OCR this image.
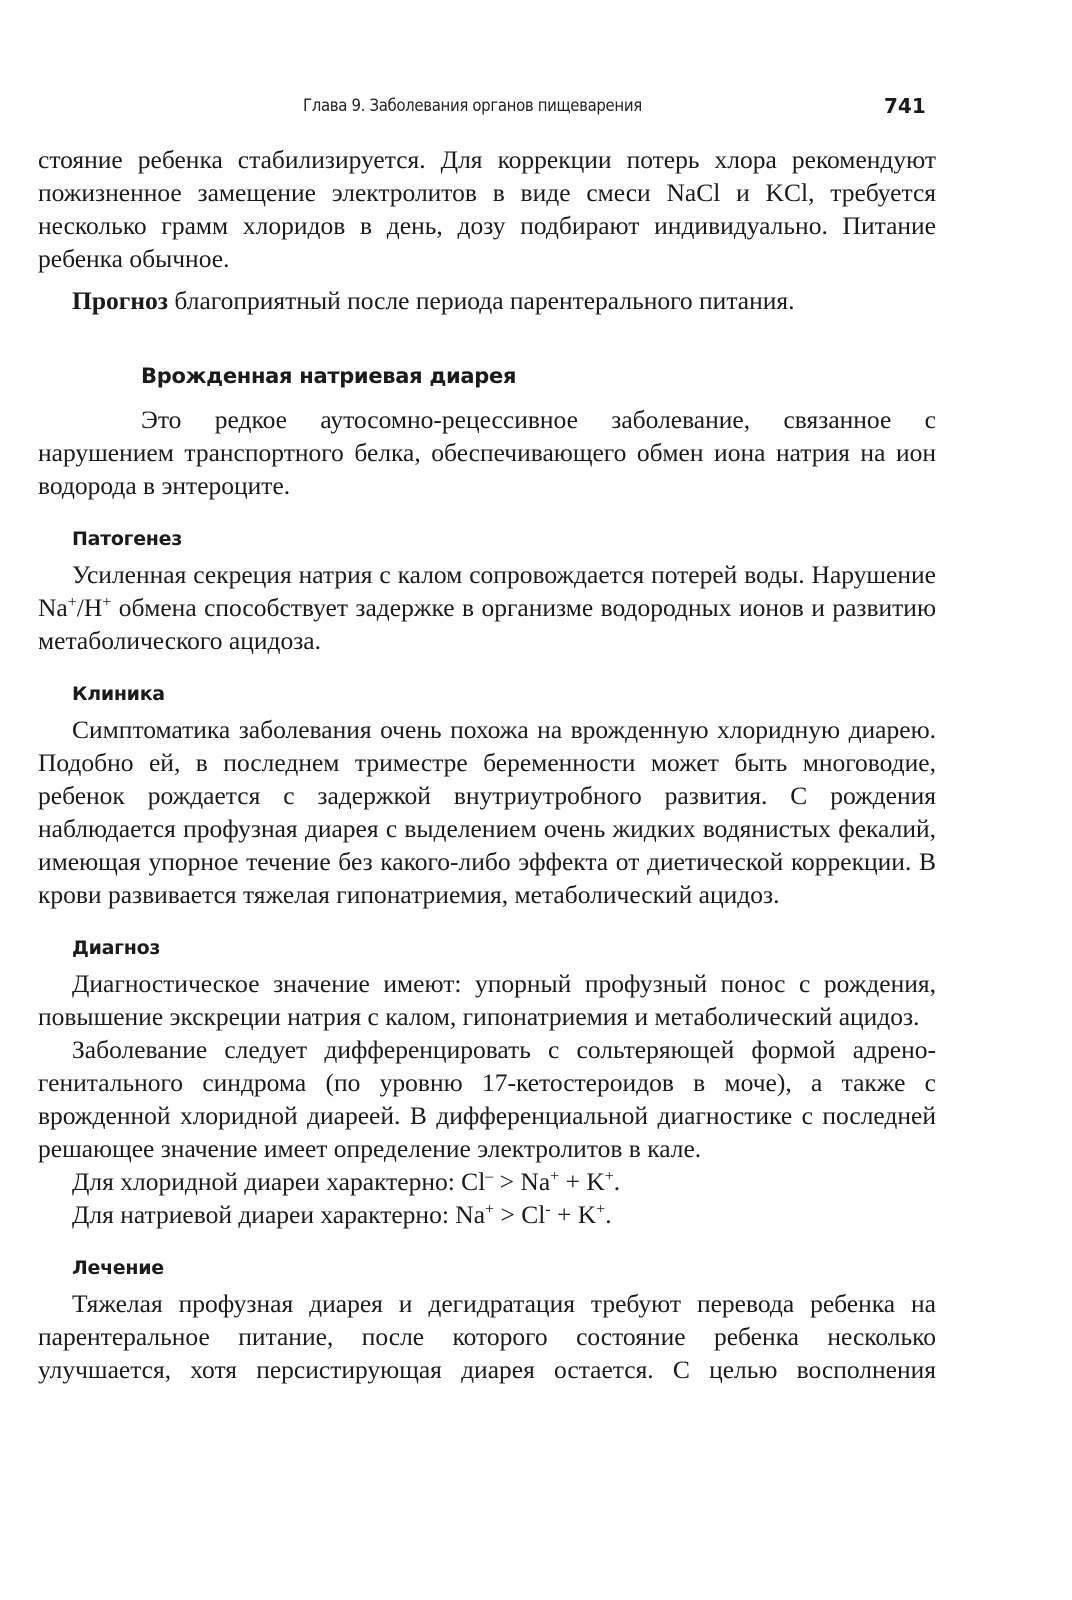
Глава 9. Заболевания органов пищеварения	741

стояние ребенка стабилизируется. Для коррекции потерь хлора рекомендуют пожизненное замещение электролитов в виде смеси NaCl и KCl, требуется несколько грамм хлоридов в день, дозу подбирают индивидуально. Питание ребенка обычное.

Прогноз благоприятный после периода парентерального питания.

Врожденная натриевая диарея

Это редкое аутосомно-рецессивное заболевание, связанное с нарушением транспортного белка, обеспечивающего обмен иона натрия на ион водорода в энтероците.

Патогенез

Усиленная секреция натрия с калом сопровождается потерей воды. Нарушение Na+/H+ обмена способствует задержке в организме водородных ионов и развитию метаболического ацидоза.

Клиника

Симптоматика заболевания очень похожа на врожденную хлоридную диарею. Подобно ей, в последнем триместре беременности может быть многоводие, ребенок рождается с задержкой внутриутробного развития. С рождения наблюдается профузная диарея с выделением очень жидких водянистых фекалий, имеющая упорное течение без какого-либо эффекта от диетической коррекции. В крови развивается тяжелая гипонатриемия, метаболический ацидоз.

Диагноз

Диагностическое значение имеют: упорный профузный понос с рождения, повышение экскреции натрия с калом, гипонатриемия и метаболический ацидоз.

Заболевание следует дифференцировать с сольтеряющей формой адрено-генитального синдрома (по уровню 17-кетостероидов в моче), а также с врожденной хлоридной диареей. В дифференциальной диагностике с последней решающее значение имеет определение электролитов в кале.

Для хлоридной диареи характерно: Cl– > Na+ + K+.

Для натриевой диареи характерно: Na+ > Cl- + K+.

Лечение

Тяжелая профузная диарея и дегидратация требуют перевода ребенка на парентеральное питание, после которого состояние ребенка несколько улучшается, хотя персистирующая диарея остается. С целью восполнения
